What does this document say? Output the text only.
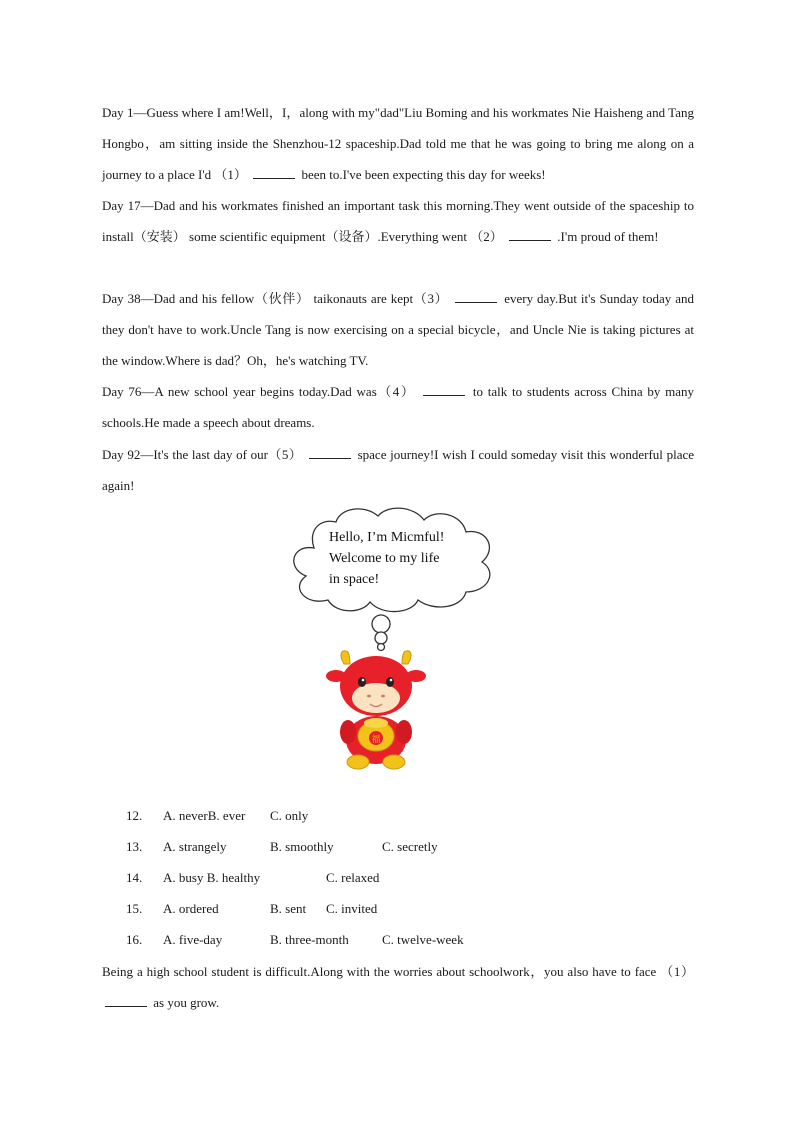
Day 1—Guess where I am!Well，I，along with my"dad"Liu Boming and his workmates Nie Haisheng and Tang Hongbo，am sitting inside the Shenzhou-12 spaceship.Dad told me that he was going to bring me along on a journey to a place I'd （1）	been to.I've been expecting this day for weeks!

Day 17—Dad and his workmates finished an important task this morning.They went outside of the spaceship to install（安装） some scientific equipment（设备）.Everything went （2）	.I'm proud of them!

Day 38—Dad and his fellow（伙伴） taikonauts are kept（3）	every day.But it's Sunday today and they don't have to work.Uncle Tang is now exercising on a special bicycle，and Uncle Nie is taking pictures at the window.Where is dad？Oh，he's watching TV.

Day 76—A new school year begins today.Dad was（4）	to talk to students across China by many schools.He made a speech about dreams.

Day 92—It's the last day of our（5）	space journey!I wish I could someday visit this wonderful place again!

福
Hello, I’m Micmful!
Welcome to my life
in space!
12. A. neverB. ever C. only
13. A. strangely	B. smoothly	C. secretly
14. A. busy B. healthy	C. relaxed
15. A. ordered	B. sent C. invited
16. A. five-day	B. three-month	C. twelve-week

Being a high school student is difficult.Along with the worries about schoolwork，you also have to face （1）  as you grow.
